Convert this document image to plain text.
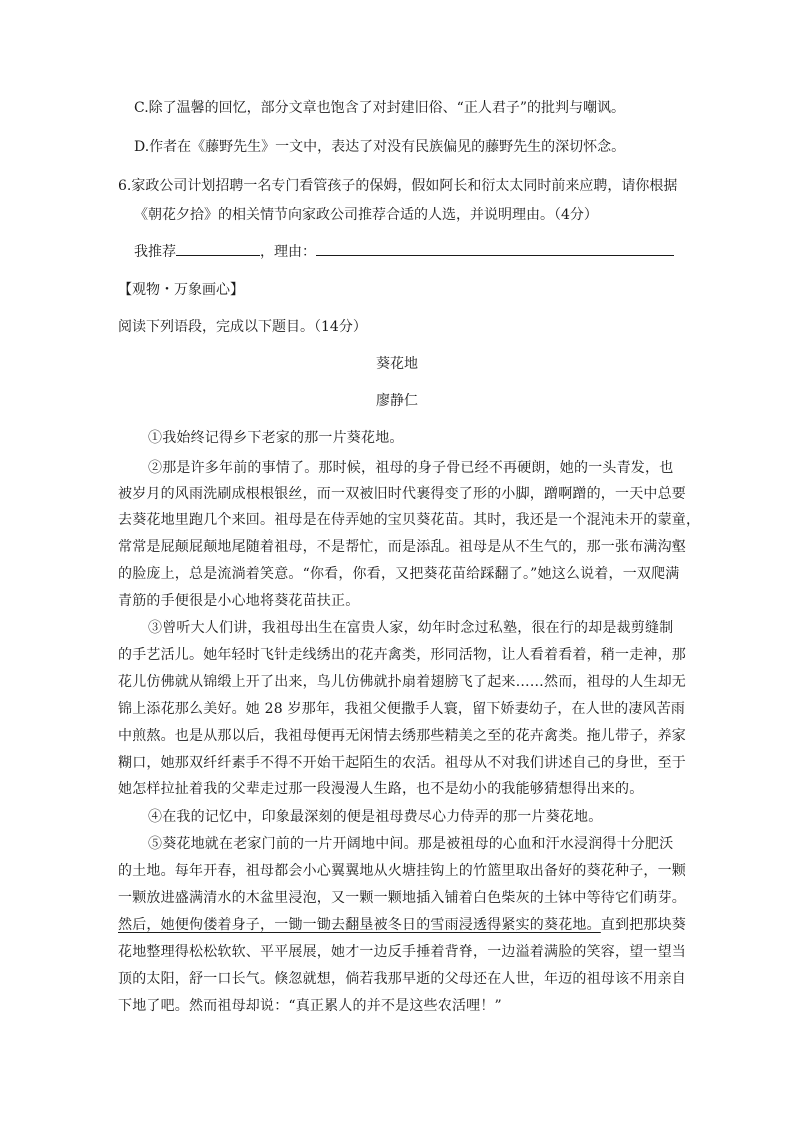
C.除了温馨的回忆，部分文章也饱含了对封建旧俗、“正人君子”的批判与嘲讽。
D.作者在《藤野先生》一文中，表达了对没有民族偏见的藤野先生的深切怀念。
6.家政公司计划招聘一名专门看管孩子的保姆，假如阿长和衍太太同时前来应聘，请你根据
《朝花夕拾》的相关情节向家政公司推荐合适的人选，并说明理由。（4分）
我推荐	，理由：
【观物・万象画心】
阅读下列语段，完成以下题目。（14分）
葵花地
廖静仁
①我始终记得乡下老家的那一片葵花地。
②那是许多年前的事情了。那时候，祖母的身子骨已经不再硬朗，她的一头青发，也
被岁月的风雨洗刷成根根银丝，而一双被旧时代裹得变了形的小脚，蹭啊蹭的，一天中总要
去葵花地里跑几个来回。祖母是在侍弄她的宝贝葵花苗。其时，我还是一个混沌未开的蒙童，
常常是屁颠屁颠地尾随着祖母，不是帮忙，而是添乱。祖母是从不生气的，那一张布满沟壑
的脸庞上，总是流淌着笑意。“你看，你看，又把葵花苗给踩翻了。”她这么说着，一双爬满
青筋的手便很是小心地将葵花苗扶正。
③曾听大人们讲，我祖母出生在富贵人家，幼年时念过私塾，很在行的却是裁剪缝制
的手艺活儿。她年轻时飞针走线绣出的花卉禽类，形同活物，让人看着看着，稍一走神，那
花儿仿佛就从锦缎上开了出来，鸟儿仿佛就扑扇着翅膀飞了起来……然而，祖母的人生却无
锦上添花那么美好。她 28 岁那年，我祖父便撒手人寰，留下娇妻幼子，在人世的凄风苦雨
中煎熬。也是从那以后，我祖母便再无闲情去绣那些精美之至的花卉禽类。拖儿带子，养家
糊口，她那双纤纤素手不得不开始干起陌生的农活。祖母从不对我们讲述自己的身世，至于
她怎样拉扯着我的父辈走过那一段漫漫人生路，也不是幼小的我能够猜想得出来的。
④在我的记忆中，印象最深刻的便是祖母费尽心力侍弄的那一片葵花地。
⑤葵花地就在老家门前的一片开阔地中间。那是被祖母的心血和汗水浸润得十分肥沃
的土地。每年开春，祖母都会小心翼翼地从火塘挂钩上的竹篮里取出备好的葵花种子，一颗
一颗放进盛满清水的木盆里浸泡，又一颗一颗地插入铺着白色柴灰的土钵中等待它们萌芽。
然后，她便佝偻着身子，一锄一锄去翻垦被冬日的雪雨浸透得紧实的葵花地。直到把那块葵
花地整理得松松软软、平平展展，她才一边反手捶着背脊，一边溢着满脸的笑容，望一望当
顶的太阳，舒一口长气。倏忽就想，倘若我那早逝的父母还在人世，年迈的祖母该不用亲自
下地了吧。然而祖母却说：“真正累人的并不是这些农活哩！”
